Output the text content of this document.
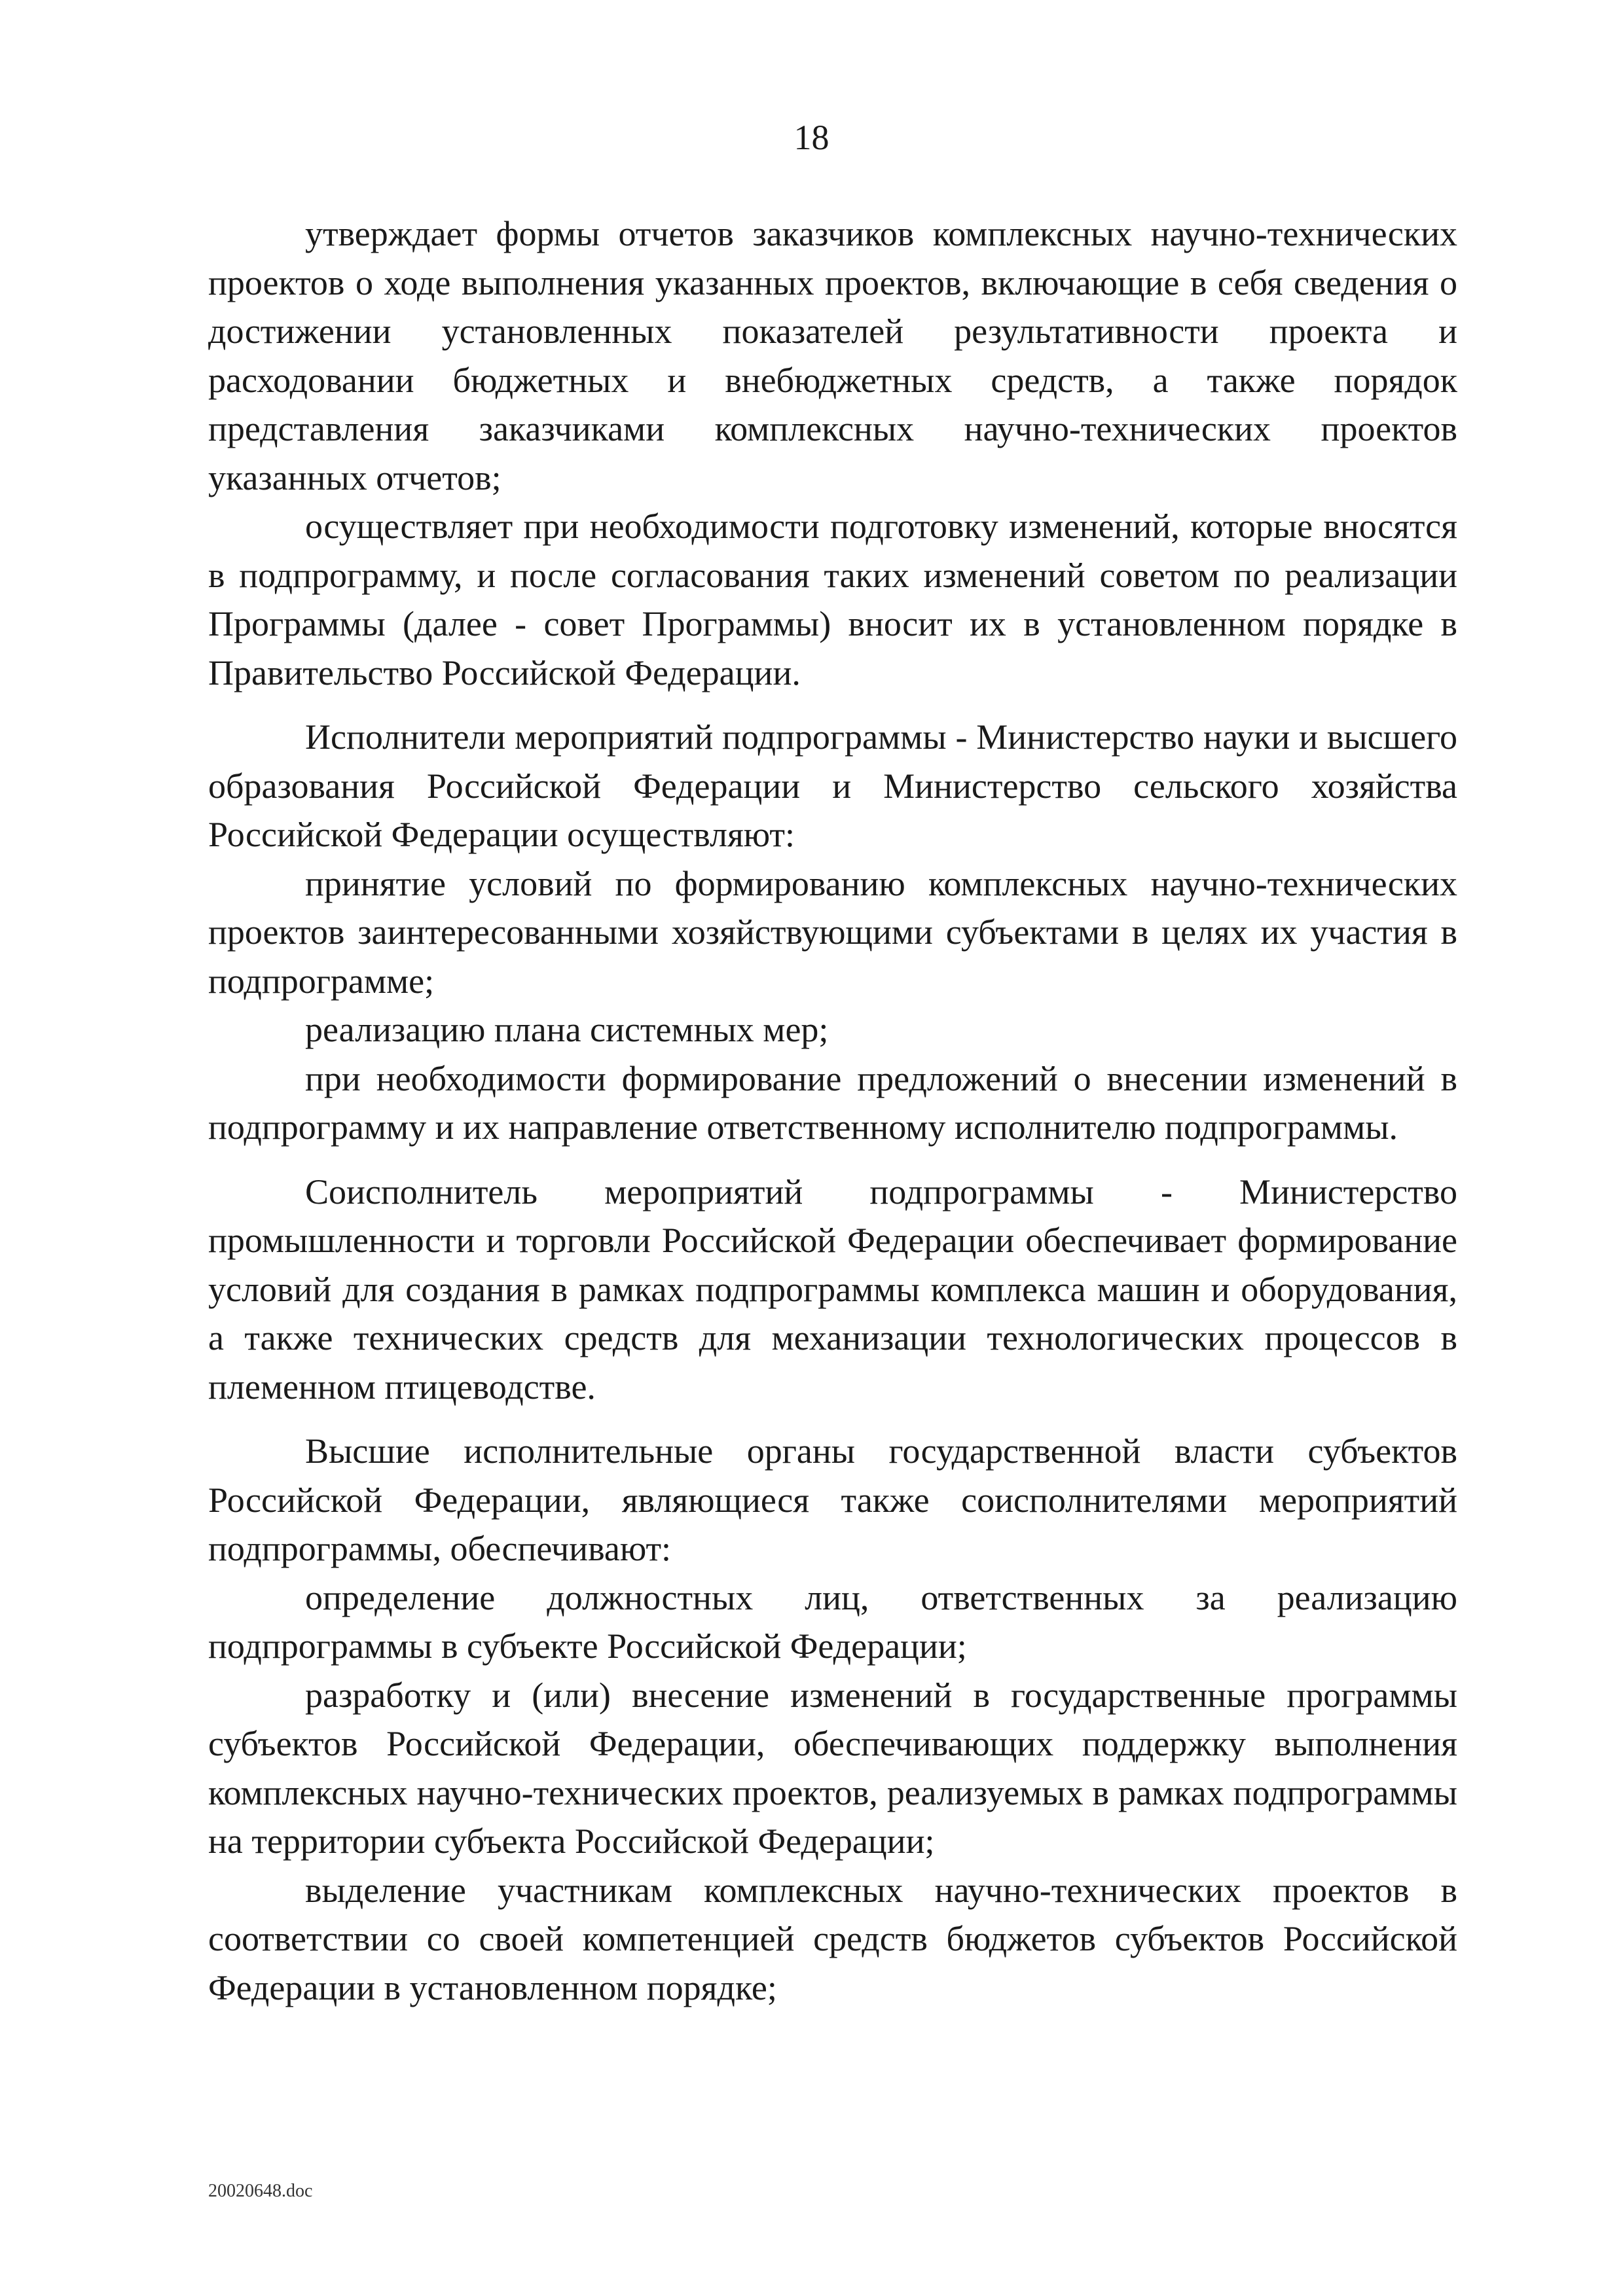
18

утверждает формы отчетов заказчиков комплексных научно-технических проектов о ходе выполнения указанных проектов, включающие в себя сведения о достижении установленных показателей результативности проекта и расходовании бюджетных и внебюджетных средств, а также порядок представления заказчиками комплексных научно-технических проектов указанных отчетов;

осуществляет при необходимости подготовку изменений, которые вносятся в подпрограмму, и после согласования таких изменений советом по реализации Программы (далее - совет Программы) вносит их в установленном порядке в Правительство Российской Федерации.

Исполнители мероприятий подпрограммы - Министерство науки и высшего образования Российской Федерации и Министерство сельского хозяйства Российской Федерации осуществляют:

принятие условий по формированию комплексных научно-технических проектов заинтересованными хозяйствующими субъектами в целях их участия в подпрограмме;

реализацию плана системных мер;

при необходимости формирование предложений о внесении изменений в подпрограмму и их направление ответственному исполнителю подпрограммы.

Соисполнитель мероприятий подпрограммы - Министерство промышленности и торговли Российской Федерации обеспечивает формирование условий для создания в рамках подпрограммы комплекса машин и оборудования, а также технических средств для механизации технологических процессов в племенном птицеводстве.

Высшие исполнительные органы государственной власти субъектов Российской Федерации, являющиеся также соисполнителями мероприятий подпрограммы, обеспечивают:

определение должностных лиц, ответственных за реализацию подпрограммы в субъекте Российской Федерации;

разработку и (или) внесение изменений в государственные программы субъектов Российской Федерации, обеспечивающих поддержку выполнения комплексных научно-технических проектов, реализуемых в рамках подпрограммы на территории субъекта Российской Федерации;

выделение участникам комплексных научно-технических проектов в соответствии со своей компетенцией средств бюджетов субъектов Российской Федерации в установленном порядке;

20020648.doc
